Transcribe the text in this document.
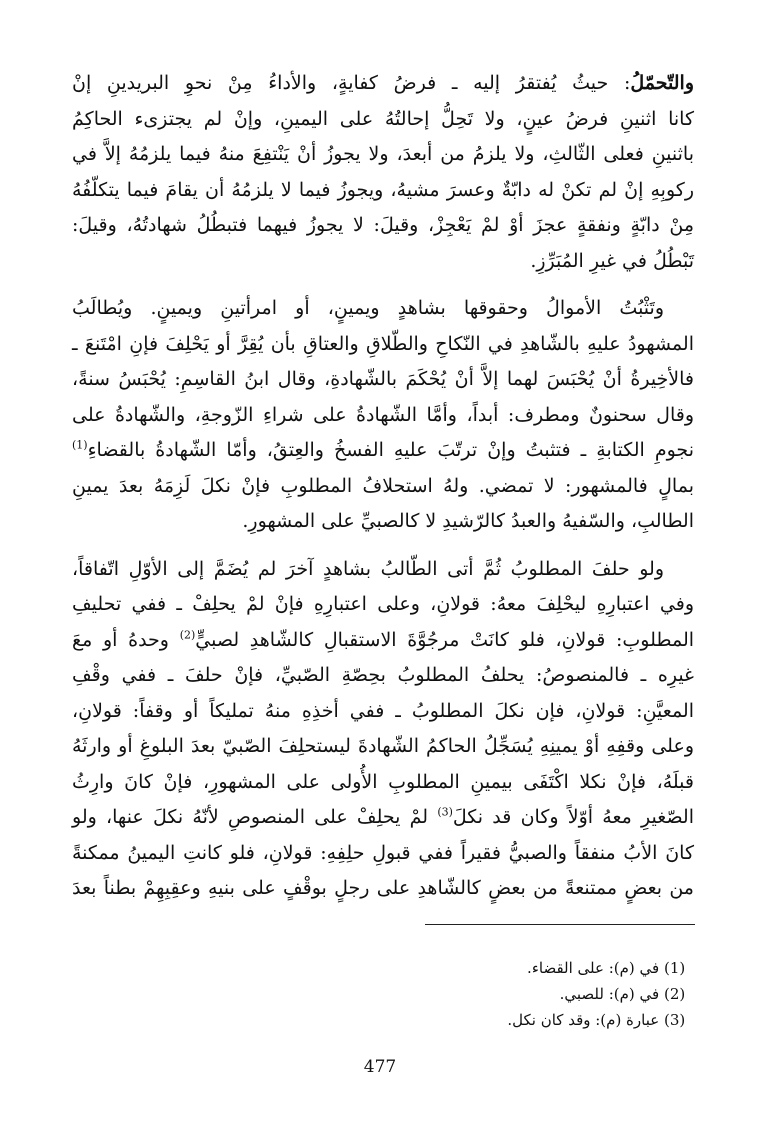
والتّحمّلُ: حيثُ يُفتقرُ إليه ـ فرضُ كفايةٍ، والأداءُ مِنْ نحوِ البريدينِ إنْ
كانا اثنينِ فرضُ عينٍ، ولا تَحِلُّ إحالتُهُ على اليمينِ، وإنْ لم يجتزىء الحاكِمُ
باثنينِ فعلى الثّالثِ، ولا يلزمُ من أبعدَ، ولا يجوزُ أنْ يَنْتفِعَ منهُ فيما يلزمُهُ إلاَّ في
ركوبِهِ إنْ لم تكنْ له دابّةٌ وعسرَ مشيهُ، ويجوزُ فيما لا يلزمُهُ أن يقامَ فيما يتكلّفُهُ
مِنْ دابّةٍ ونفقةٍ عجزَ أوْ لمْ يَعْجِزْ، وقيلَ: لا يجوزُ فيهما فتبطُلُ شهادتُهُ، وقيلَ:
تَبْطُلُ في غيرِ المُبَرِّزِ.
وتَثْبُتُ الأموالُ وحقوقها بشاهدٍ ويمينٍ، أو امرأتينِ ويمينٍ. ويُطالَبُ
المشهودُ عليهِ بالشّاهدِ في النّكاحِ والطّلاقِ والعتاقِ بأن يُقِرَّ أو يَحْلِفَ فإنِ امْتَنعَ ـ
فالأخِيرةُ أنْ يُحْبَسَ لهما إلاَّ أنْ يُحْكَمَ بالشّهادةِ، وقال ابنُ القاسِمِ: يُحْبَسُ سنةً،
وقال سحنونٌ ومطرف: أبداً، وأمَّا الشّهادةُ على شراءِ الزّوجةِ، والشّهادةُ على
نجومِ الكتابةِ ـ فتثبتُ وإنْ ترتّبَ عليهِ الفسخُ والعِتقُ، وأمّا الشّهادةُ بالقضاءِ$^{(1)}$
بمالٍ فالمشهور: لا تمضي. ولهُ استحلافُ المطلوبِ فإنْ نكلَ لَزِمَهُ بعدَ يمينِ
الطالبِ، والسّفيهُ والعبدُ كالرّشيدِ لا كالصبيِّ على المشهورِ.
ولو حلفَ المطلوبُ ثُمَّ أتى الطّالبُ بشاهدٍ آخرَ لم يُضَمَّ إلى الأوّلِ اتّفاقاً،
وفي اعتبارِهِ ليحْلِفَ معهُ: قولانِ، وعلى اعتبارِهِ فإنْ لمْ يحلِفْ ـ ففي تحليفِ
المطلوبِ: قولانِ، فلو كانَتْ مرجُوَّةَ الاستقبالِ كالشّاهدِ لصبيٍّ$^{(2)}$ وحدهُ أو معَ
غيرِه ـ فالمنصوصُ: يحلفُ المطلوبُ بحِصّةِ الصّبيِّ، فإنْ حلفَ ـ ففي وقْفِ
المعيَّنِ: قولانِ، فإن نكلَ المطلوبُ ـ ففي أخذِهِ منهُ تمليكاً أو وقفاً: قولانِ،
وعلى وقفِهِ أوْ يمينِهِ يُسَجِّلُ الحاكمُ الشّهادةَ ليستحلِفَ الصّبيّ بعدَ البلوغِ أو وارثَهُ
قبلَهُ، فإنْ نكلا اكْتَفَى بيمينِ المطلوبِ الأُولى على المشهورِ، فإنْ كانَ وارِثُ
الصّغيرِ معهُ أوّلاً وكان قد نكلَ$^{(3)}$ لمْ يحلِفْ على المنصوصِ لأنّهُ نكلَ عنها، ولو
كانَ الأبُ منفقاً والصبيُّ فقيراً ففي قبولِ حلِفِهِ: قولانِ، فلو كانتِ اليمينُ ممكنةً
من بعضٍ ممتنعةً من بعضٍ كالشّاهدِ على رجلٍ بوقْفٍ على بنيهِ وعقِبِهِمْ بطناً بعدَ
(1) في (م): على القضاء.
(2) في (م): للصبي.
(3) عبارة (م): وقد كان نكل.
477
